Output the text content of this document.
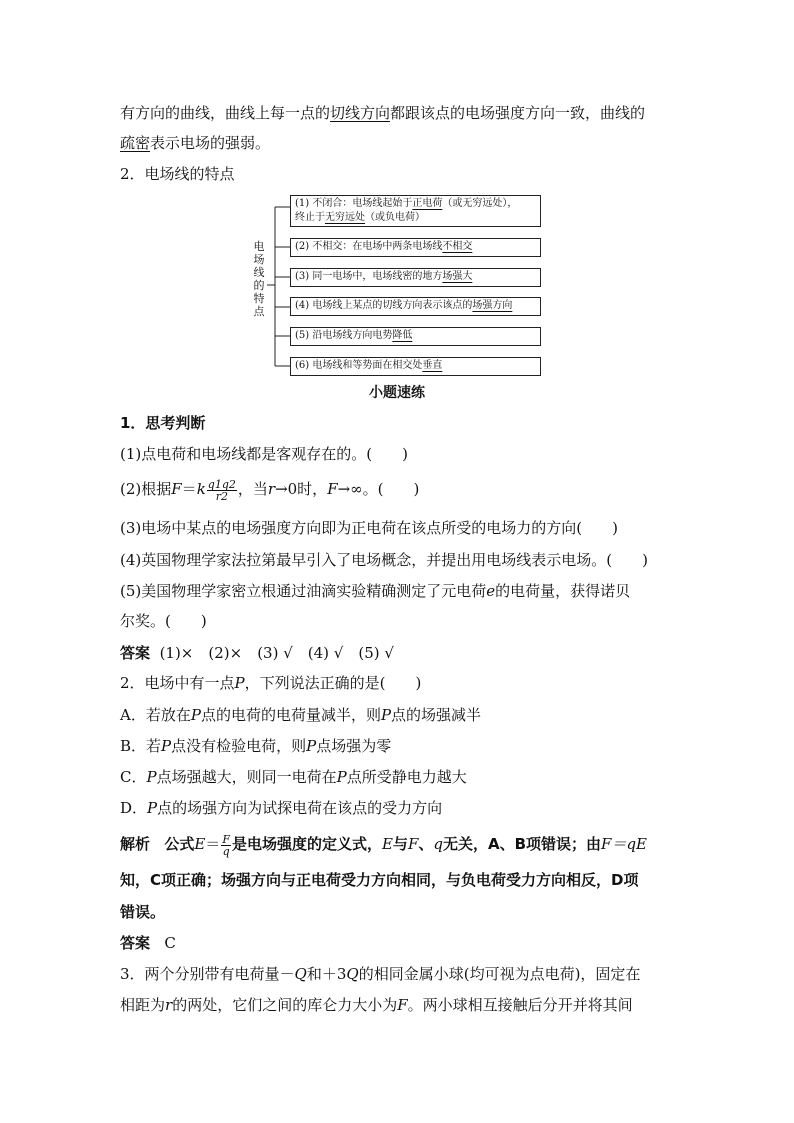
有方向的曲线，曲线上每一点的切线方向都跟该点的电场强度方向一致，曲线的
疏密表示电场的强弱。
2．电场线的特点
电场线的特点
(1) 不闭合：电场线起始于正电荷（或无穷远处），
终止于无穷远处（或负电荷）
(2) 不相交：在电场中两条电场线不相交
(3) 同一电场中，电场线密的地方场强大
(4) 电场线上某点的切线方向表示该点的场强方向
(5) 沿电场线方向电势降低
(6) 电场线和等势面在相交处垂直
小题速练
1．思考判断
(1)点电荷和电场线都是客观存在的。(　　)
(2)根据$F=k \frac{q1q2}{r2}$ ，当r→0时，F→∞。(　　)
(3)电场中某点的电场强度方向即为正电荷在该点所受的电场力的方向(　　)
(4)英国物理学家法拉第最早引入了电场概念，并提出用电场线表示电场。(　　)
(5)美国物理学家密立根通过油滴实验精确测定了元电荷e的电荷量，获得诺贝
尔奖。(　　)
答案 (1)×　(2)×　(3) √　(4) √　(5) √
2．电场中有一点P，下列说法正确的是(　　)
A．若放在P点的电荷的电荷量减半，则P点的场强减半
B．若P点没有检验电荷，则P点场强为零
C．P点场强越大，则同一电荷在P点所受静电力越大
D．P点的场强方向为试探电荷在该点的受力方向
解析 公式$E= \frac{F}{q}$ 是电场强度的定义式，E与F、q无关，A、B项错误；由F＝qE
知，C项正确；场强方向与正电荷受力方向相同，与负电荷受力方向相反，D项
错误。
答案 C
3．两个分别带有电荷量－Q和＋3Q的相同金属小球(均可视为点电荷)，固定在
相距为r的两处，它们之间的库仑力大小为F。两小球相互接触后分开并将其间
